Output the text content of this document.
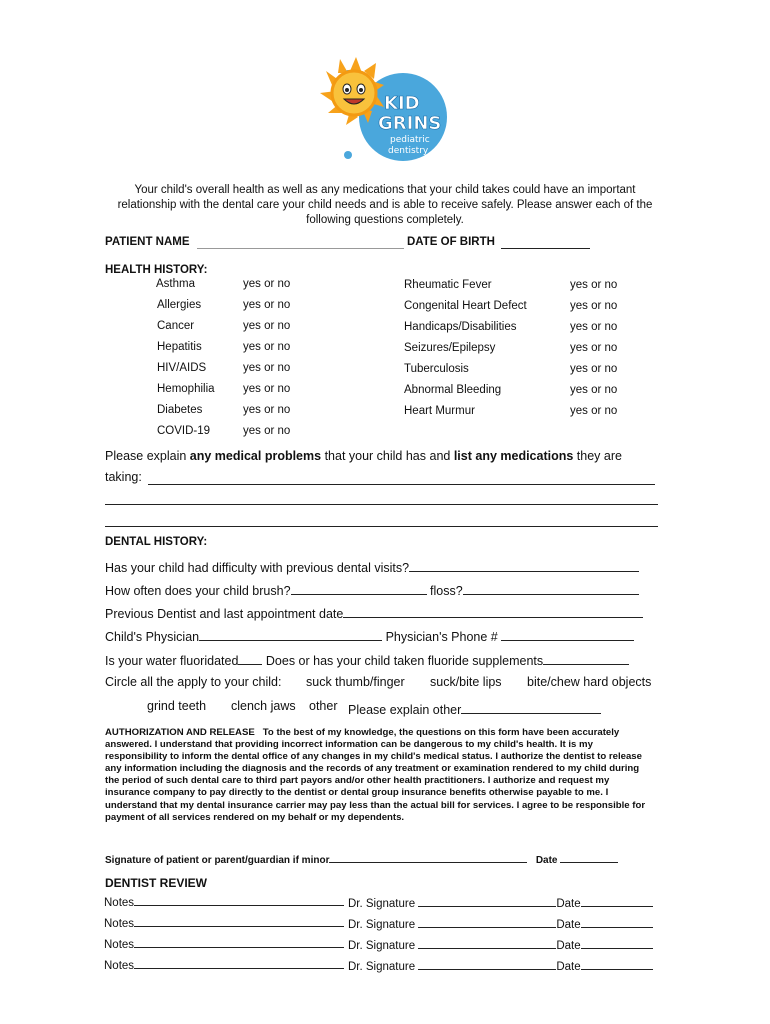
KID
GRINS
pediatric
dentistry
Your child's overall health as well as any medications that your child takes could have an important relationship with the dental care your child needs and is able to receive safely. Please answer each of the following questions completely.
PATIENT NAME	DATE OF BIRTH
HEALTH HISTORY:
Asthma	yes or no
Allergies	yes or no
Cancer	yes or no
Hepatitis	yes or no
HIV/AIDS	yes or no
Hemophilia yes or no
Diabetes	yes or no
COVID-19	yes or no
Rheumatic Fever	yes or no
Congenital Heart Defect	yes or no
Handicaps/Disabilities	yes or no
Seizures/Epilepsy	yes or no
Tuberculosis	yes or no
Abnormal Bleeding	yes or no
Heart Murmur	yes or no
Please explain any medical problems that your child has and list any medications they are
taking:
DENTAL HISTORY:
Has your child had difficulty with previous dental visits?
How often does your child brush?	floss?
Previous Dentist and last appointment date
Child's Physician	Physician's Phone #
Is your water fluoridated Does or has your child taken fluoride supplements
Circle all the apply to your child: suck thumb/finger suck/bite lips bite/chew hard objects
grind teeth clench jaws other Please explain other
AUTHORIZATION AND RELEASE To the best of my knowledge, the questions on this form have been accurately answered. I understand that providing incorrect information can be dangerous to my child's health. It is my responsibility to inform the dental office of any changes in my child's medical status. I authorize the dentist to release any information including the diagnosis and the records of any treatment or examination rendered to my child during the period of such dental care to third part payors and/or other health practitioners. I authorize and request my insurance company to pay directly to the dentist or dental group insurance benefits otherwise payable to me. I understand that my dental insurance carrier may pay less than the actual bill for services. I agree to be responsible for payment of all services rendered on my behalf or my dependents.
Signature of patient or parent/guardian if minor	Date
DENTIST REVIEW
Notes	Dr. Signature	Date
Notes	Dr. Signature	Date
Notes	Dr. Signature	Date
Notes	Dr. Signature	Date
